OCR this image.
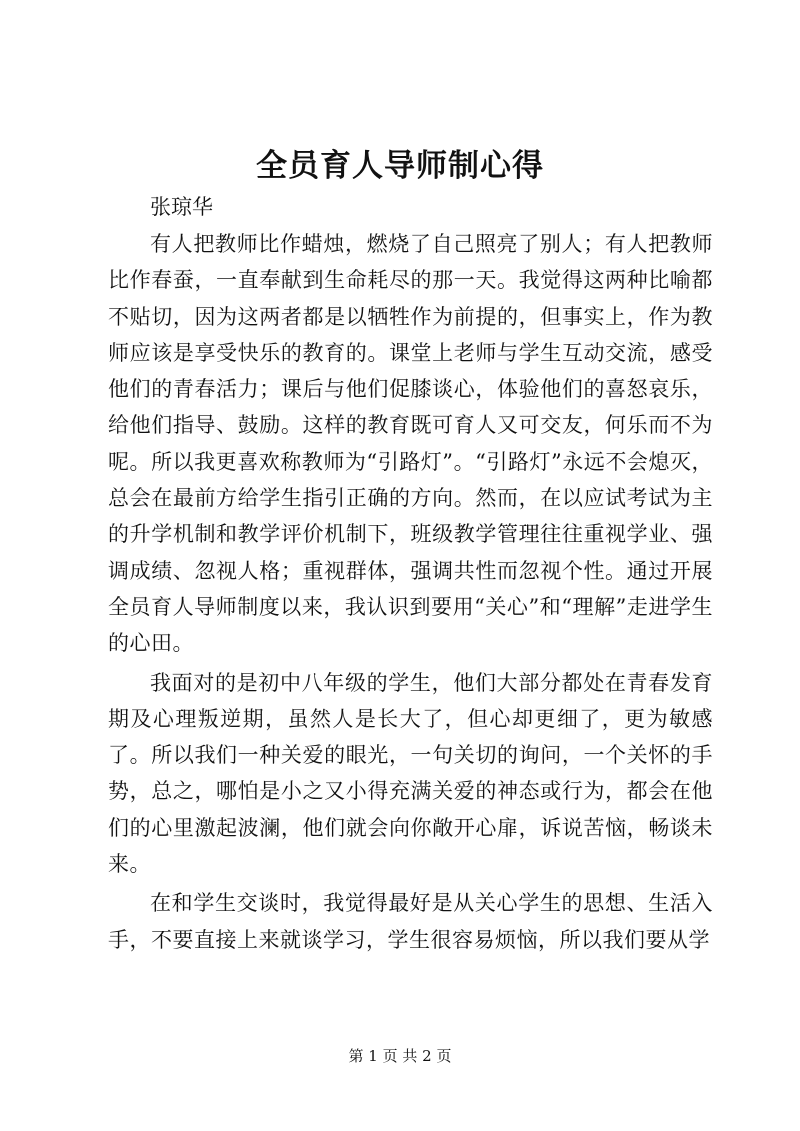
全员育人导师制心得
张琼华

有人把教师比作蜡烛，燃烧了自己照亮了别人；有人把教师比作春蚕，一直奉献到生命耗尽的那一天。我觉得这两种比喻都不贴切，因为这两者都是以牺牲作为前提的，但事实上，作为教师应该是享受快乐的教育的。课堂上老师与学生互动交流，感受他们的青春活力；课后与他们促膝谈心，体验他们的喜怒哀乐，给他们指导、鼓励。这样的教育既可育人又可交友，何乐而不为呢。所以我更喜欢称教师为“引路灯”。“引路灯”永远不会熄灭，总会在最前方给学生指引正确的方向。然而，在以应试考试为主的升学机制和教学评价机制下，班级教学管理往往重视学业、强调成绩、忽视人格；重视群体，强调共性而忽视个性。通过开展全员育人导师制度以来，我认识到要用“关心”和“理解”走进学生的心田。

我面对的是初中八年级的学生，他们大部分都处在青春发育期及心理叛逆期，虽然人是长大了，但心却更细了，更为敏感了。所以我们一种关爱的眼光，一句关切的询问，一个关怀的手势，总之，哪怕是小之又小得充满关爱的神态或行为，都会在他们的心里激起波澜，他们就会向你敞开心扉，诉说苦恼，畅谈未来。

在和学生交谈时，我觉得最好是从关心学生的思想、生活入手，不要直接上来就谈学习，学生很容易烦恼，所以我们要从学

第 1 页 共 2 页
